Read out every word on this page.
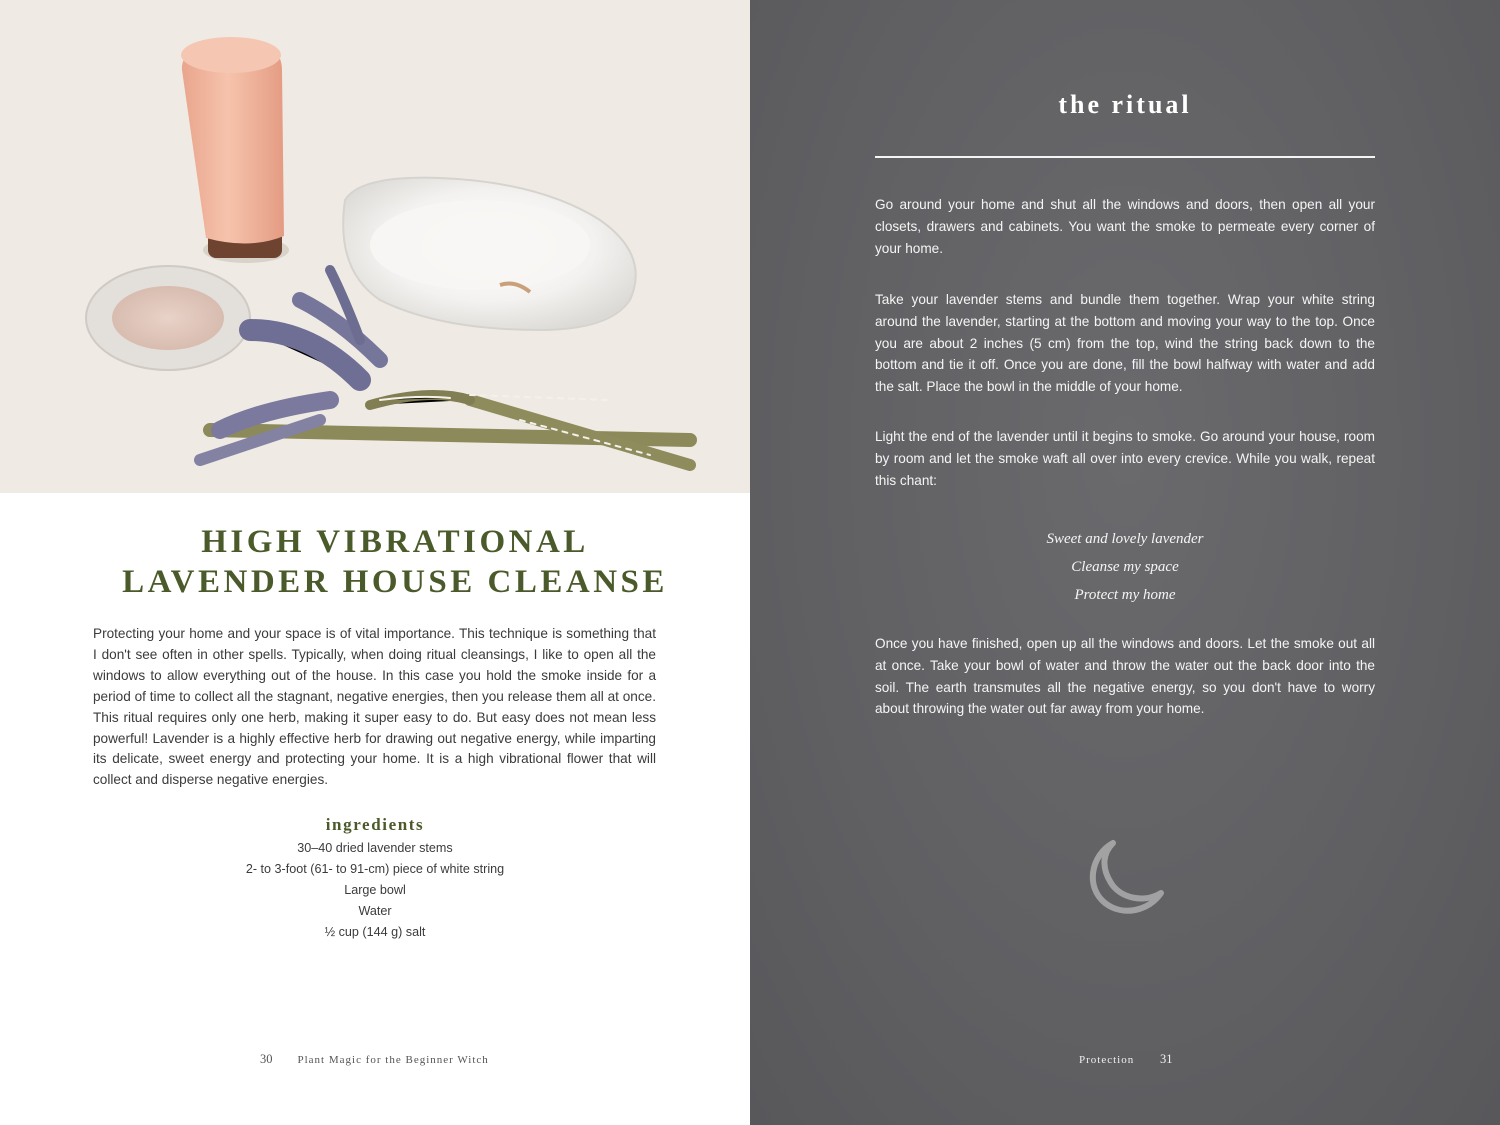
HIGH VIBRATIONAL
LAVENDER HOUSE CLEANSE

Protecting your home and your space is of vital importance. This technique is something that I don't see often in other spells. Typically, when doing ritual cleansings, I like to open all the windows to allow everything out of the house. In this case you hold the smoke inside for a period of time to collect all the stagnant, negative energies, then you release them all at once. This ritual requires only one herb, making it super easy to do. But easy does not mean less powerful! Lavender is a highly effective herb for drawing out negative energy, while imparting its delicate, sweet energy and protecting your home. It is a high vibrational flower that will collect and disperse negative energies.

ingredients
30–40 dried lavender stems
2- to 3-foot (61- to 91-cm) piece of white string
Large bowl
Water
½ cup (144 g) salt
30 Plant Magic for the Beginner Witch
the ritual

Go around your home and shut all the windows and doors, then open all your closets, drawers and cabinets. You want the smoke to permeate every corner of your home.

Take your lavender stems and bundle them together. Wrap your white string around the lavender, starting at the bottom and moving your way to the top. Once you are about 2 inches (5 cm) from the top, wind the string back down to the bottom and tie it off. Once you are done, fill the bowl halfway with water and add the salt. Place the bowl in the middle of your home.

Light the end of the lavender until it begins to smoke. Go around your house, room by room and let the smoke waft all over into every crevice. While you walk, repeat this chant:

Sweet and lovely lavender
Cleanse my space
Protect my home

Once you have finished, open up all the windows and doors. Let the smoke out all at once. Take your bowl of water and throw the water out the back door into the soil. The earth transmutes all the negative energy, so you don't have to worry about throwing the water out far away from your home.

Protection 31
